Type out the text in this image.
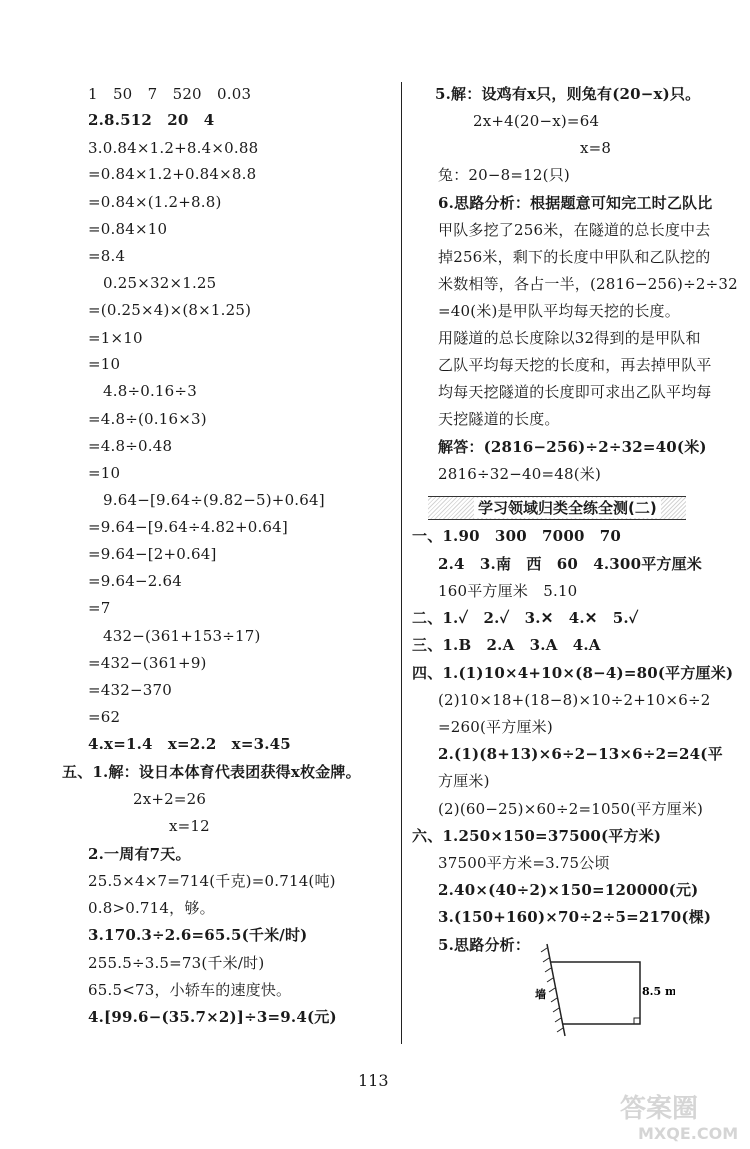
1　50　7　520　0.03
2.8.512　20　4
3.0.84×1.2+8.4×0.88
=0.84×1.2+0.84×8.8
=0.84×(1.2+8.8)
=0.84×10
=8.4
0.25×32×1.25
=(0.25×4)×(8×1.25)
=1×10
=10
4.8÷0.16÷3
=4.8÷(0.16×3)
=4.8÷0.48
=10
9.64−[9.64÷(9.82−5)+0.64]
=9.64−[9.64÷4.82+0.64]
=9.64−[2+0.64]
=9.64−2.64
=7
432−(361+153÷17)
=432−(361+9)
=432−370
=62
4.x=1.4　x=2.2　x=3.45
五、1.解：设日本体育代表团获得x枚金牌。
2x+2=26
x=12
2.一周有7天。
25.5×4×7=714(千克)=0.714(吨)
0.8>0.714，够。
3.170.3÷2.6=65.5(千米/时)
255.5÷3.5=73(千米/时)
65.5<73，小轿车的速度快。
4.[99.6−(35.7×2)]÷3=9.4(元)
5.解：设鸡有x只，则兔有(20−x)只。
2x+4(20−x)=64
x=8
兔：20−8=12(只)
6.思路分析：根据题意可知完工时乙队比
甲队多挖了256米，在隧道的总长度中去
掉256米，剩下的长度中甲队和乙队挖的
米数相等，各占一半，(2816−256)÷2÷32
=40(米)是甲队平均每天挖的长度。
用隧道的总长度除以32得到的是甲队和
乙队平均每天挖的长度和，再去掉甲队平
均每天挖隧道的长度即可求出乙队平均每
天挖隧道的长度。
解答：(2816−256)÷2÷32=40(米)
2816÷32−40=48(米)
一、1.90　300　7000　70
2.4　3.南　西　60　4.300平方厘米
160平方厘米　5.10
二、1.✓　2.✓　3.✕　4.✕　5.✓
三、1.B　2.A　3.A　4.A
四、1.(1)10×4+10×(8−4)=80(平方厘米)
(2)10×18+(18−8)×10÷2+10×6÷2
=260(平方厘米)
2.(1)(8+13)×6÷2−13×6÷2=24(平
方厘米)
(2)(60−25)×60÷2=1050(平方厘米)
六、1.250×150=37500(平方米)
37500平方米=3.75公顷
2.40×(40÷2)×150=120000(元)
3.(150+160)×70÷2÷5=2170(棵)
5.思路分析：
学习领域归类全练全测(二)
墙	8.5 m
113
答案圈
MXQE.COM
